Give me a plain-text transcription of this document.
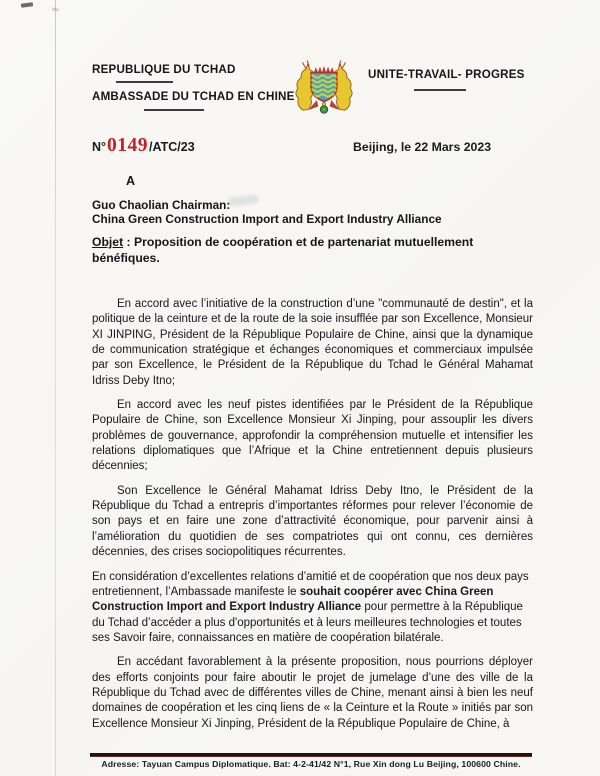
REPUBLIQUE DU TCHAD
AMBASSADE DU TCHAD EN CHINE
UNITE-TRAVAIL- PROGRES
N° 0149 /ATC/23	Beijing, le 22 Mars 2023
A
Guo Chaolian Chairman:
China Green Construction Import and Export Industry Alliance
Objet : Proposition de coopération et de partenariat mutuellement bénéfiques.

En accord avec l’initiative de la construction d’une "communauté de destin", et la politique de la ceinture et de la route de la soie insufflée par son Excellence, Monsieur XI JINPING, Président de la République Populaire de Chine, ainsi que la dynamique de communication stratégique et échanges économiques et commerciaux impulsée par son Excellence, le Président de la République du Tchad le Général Mahamat Idriss Deby Itno;

En accord avec les neuf pistes identifiées par le Président de la République Populaire de Chine, son Excellence Monsieur Xi Jinping, pour assouplir les divers problèmes de gouvernance, approfondir la compréhension mutuelle et intensifier les relations diplomatiques que l’Afrique et la Chine entretiennent depuis plusieurs décennies;

Son Excellence le Général Mahamat Idriss Deby Itno, le Président de la République du Tchad a entrepris d’importantes réformes pour relever l’économie de son pays et en faire une zone d’attractivité économique, pour parvenir ainsi à l’amélioration du quotidien de ses compatriotes qui ont connu, ces dernières décennies, des crises sociopolitiques récurrentes.

En considération d’excellentes relations d’amitié et de coopération que nos deux pays entretiennent, l’Ambassade manifeste le souhait coopérer avec China Green Construction Import and Export Industry Alliance pour permettre à la République du Tchad d’accéder a plus d'opportunités et à leurs meilleures technologies et toutes ses Savoir faire, connaissances en matière de coopération bilatérale.

En accédant favorablement à la présente proposition, nous pourrions déployer des efforts conjoints pour faire aboutir le projet de jumelage d’une des ville de la République du Tchad avec de différentes villes de Chine, menant ainsi à bien les neuf domaines de coopération et les cinq liens de « la Ceinture et la Route » initiés par son Excellence Monsieur Xi Jinping, Président de la République Populaire de Chine, à

Adresse: Tayuan Campus Diplomatique. Bat: 4-2-41/42 N°1, Rue Xin dong Lu Beijing, 100600 Chine.
